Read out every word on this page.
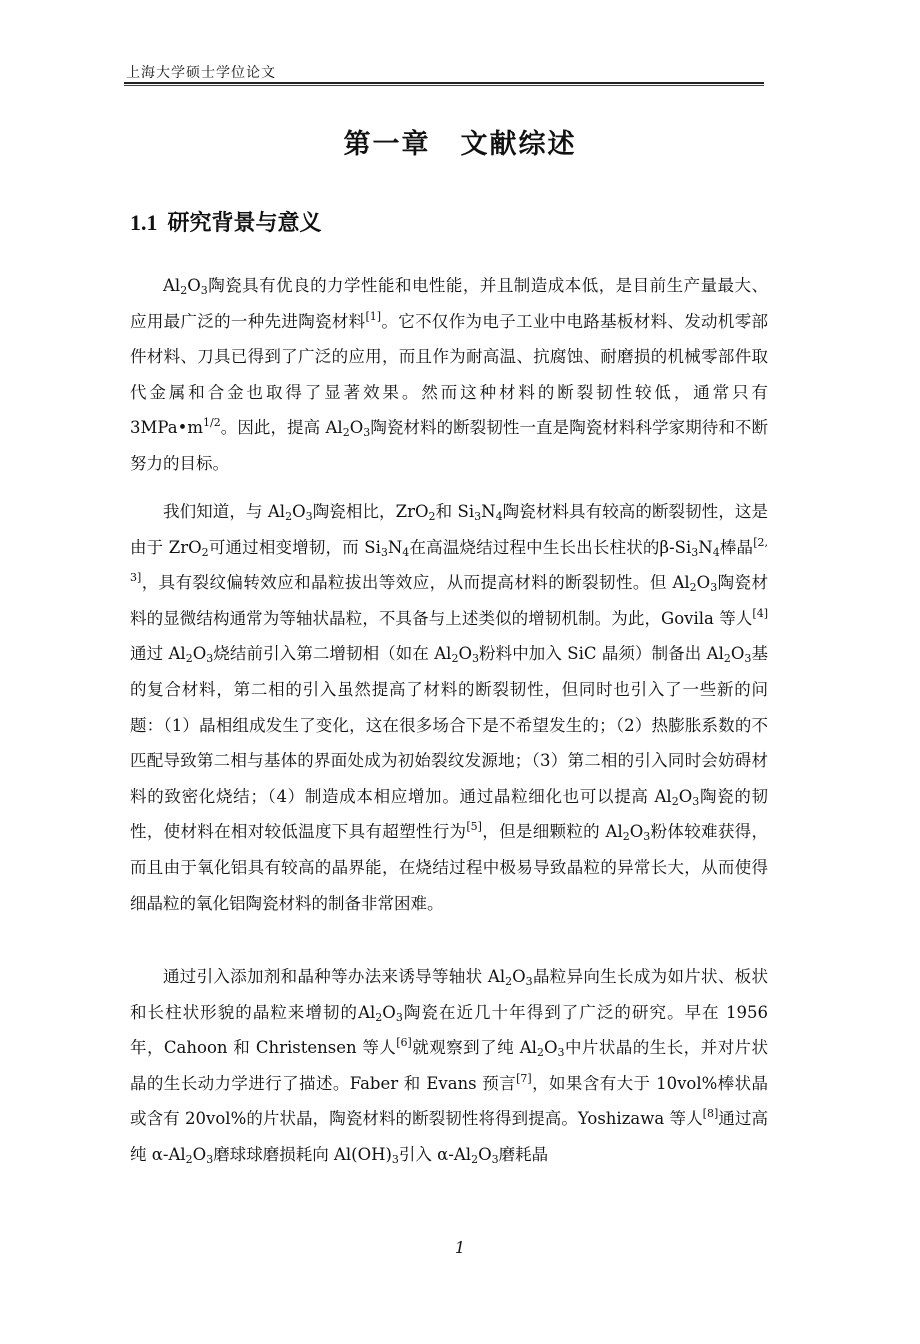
上海大学硕士学位论文
第一章 文献综述
1.1 研究背景与意义

$Al_2O_3$陶瓷具有优良的力学性能和电性能，并且制造成本低，是目前生产量最大、应用最广泛的一种先进陶瓷材料[1]。它不仅作为电子工业中电路基板材料、发动机零部件材料、刀具已得到了广泛的应用，而且作为耐高温、抗腐蚀、耐磨损的机械零部件取代金属和合金也取得了显著效果。然而这种材料的断裂韧性较低，通常只有 $3MPa•m^{1/2}$。因此，提高 $Al_2O_3$陶瓷材料的断裂韧性一直是陶瓷材料科学家期待和不断努力的目标。

我们知道，与 $Al_2O_3$陶瓷相比，ZrO$_2$和 $Si_3N_4$陶瓷材料具有较高的断裂韧性，这是由于 ZrO$_2$可通过相变增韧，而 $Si_3N_4$在高温烧结过程中生长出长柱状的$\beta-Si_3N_4$棒晶[2, 3]，具有裂纹偏转效应和晶粒拔出等效应，从而提高材料的断裂韧性。但 $Al_2O_3$陶瓷材料的显微结构通常为等轴状晶粒，不具备与上述类似的增韧机制。为此，Govila 等人[4]通过 $Al_2O_3$烧结前引入第二增韧相（如在 $Al_2O_3$粉料中加入 SiC 晶须）制备出 $Al_2O_3$基的复合材料，第二相的引入虽然提高了材料的断裂韧性，但同时也引入了一些新的问题：（1）晶相组成发生了变化，这在很多场合下是不希望发生的；（2）热膨胀系数的不匹配导致第二相与基体的界面处成为初始裂纹发源地；（3）第二相的引入同时会妨碍材料的致密化烧结；（4）制造成本相应增加。通过晶粒细化也可以提高 $Al_2O_3$陶瓷的韧性，使材料在相对较低温度下具有超塑性行为[5]，但是细颗粒的 $Al_2O_3$粉体较难获得，而且由于氧化铝具有较高的晶界能，在烧结过程中极易导致晶粒的异常长大，从而使得细晶粒的氧化铝陶瓷材料的制备非常困难。

通过引入添加剂和晶种等办法来诱导等轴状 $Al_2O_3$晶粒异向生长成为如片状、板状和长柱状形貌的晶粒来增韧的$Al_2O_3$陶瓷在近几十年得到了广泛的研究。早在 1956 年，Cahoon 和 Christensen 等人[6]就观察到了纯 $Al_2O_3$中片状晶的生长，并对片状晶的生长动力学进行了描述。Faber 和 Evans 预言[7]，如果含有大于 10vol%棒状晶或含有 20vol%的片状晶，陶瓷材料的断裂韧性将得到提高。Yoshizawa 等人[8]通过高纯 $\alpha-Al_2O_3$磨球球磨损耗向 $Al(OH)_3$引入 $\alpha-Al_2O_3$磨耗晶

1
